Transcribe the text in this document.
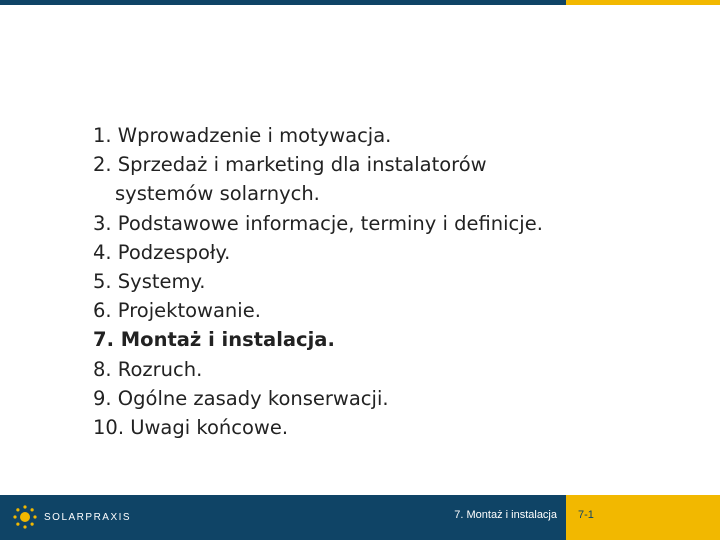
1. Wprowadzenie i motywacja.
2. Sprzedaż i marketing dla instalatorów
systemów solarnych.
3. Podstawowe informacje, terminy i definicje.
4. Podzespoły.
5. Systemy.
6. Projektowanie.
7. Montaż i instalacja.
8. Rozruch.
9. Ogólne zasady konserwacji.
10. Uwagi końcowe.
SOLARPRAXIS	7. Montaż i instalacja 7-1
